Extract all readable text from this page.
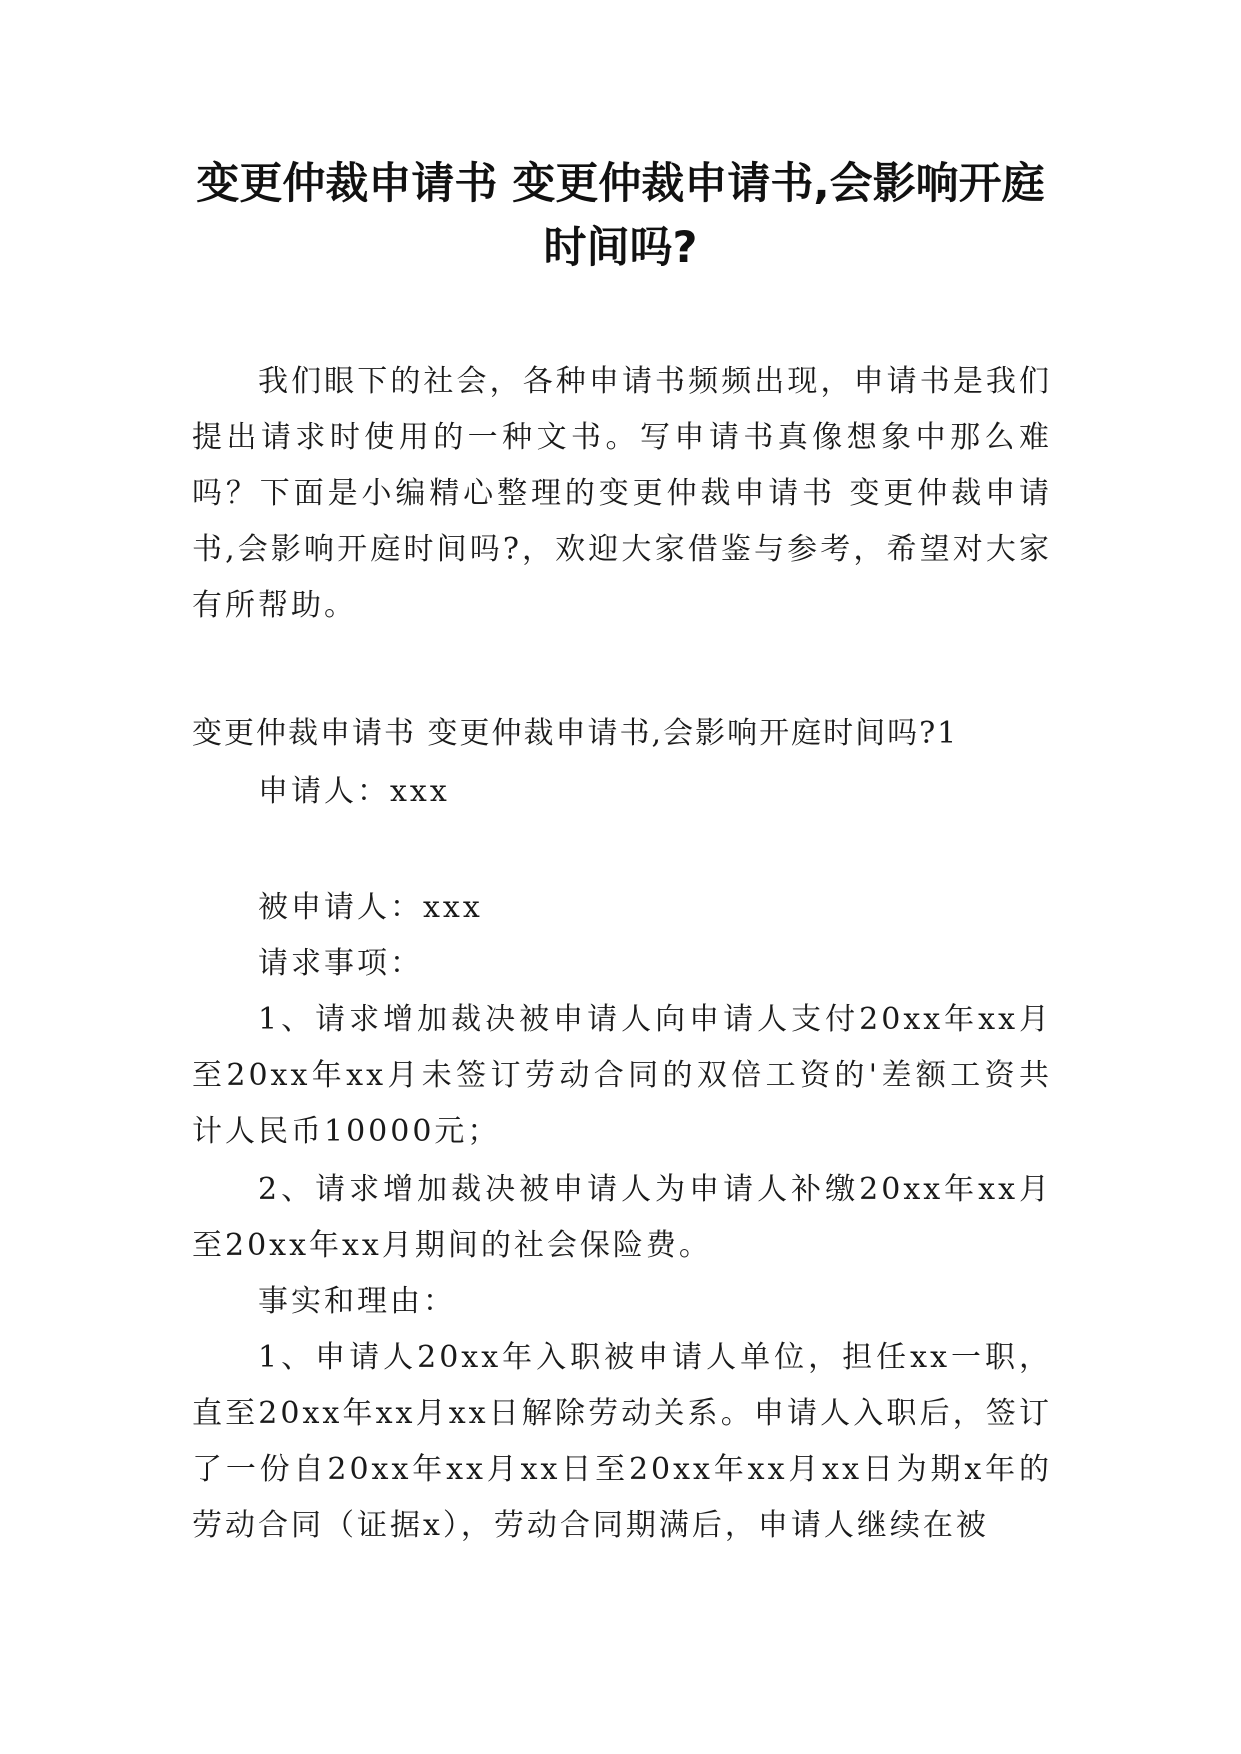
变更仲裁申请书 变更仲裁申请书,会影响开庭时间吗?

我们眼下的社会，各种申请书频频出现，申请书是我们提出请求时使用的一种文书。写申请书真像想象中那么难吗？下面是小编精心整理的变更仲裁申请书 变更仲裁申请书,会影响开庭时间吗?，欢迎大家借鉴与参考，希望对大家有所帮助。

变更仲裁申请书 变更仲裁申请书,会影响开庭时间吗?1

申请人：xxx

被申请人：xxx

请求事项：

1、请求增加裁决被申请人向申请人支付20xx年xx月至20xx年xx月未签订劳动合同的双倍工资的'差额工资共计人民币10000元；

2、请求增加裁决被申请人为申请人补缴20xx年xx月至20xx年xx月期间的社会保险费。

事实和理由：

1、申请人20xx年入职被申请人单位，担任xx一职，直至20xx年xx月xx日解除劳动关系。申请人入职后，签订了一份自20xx年xx月xx日至20xx年xx月xx日为期x年的劳动合同（证据x），劳动合同期满后，申请人继续在被
